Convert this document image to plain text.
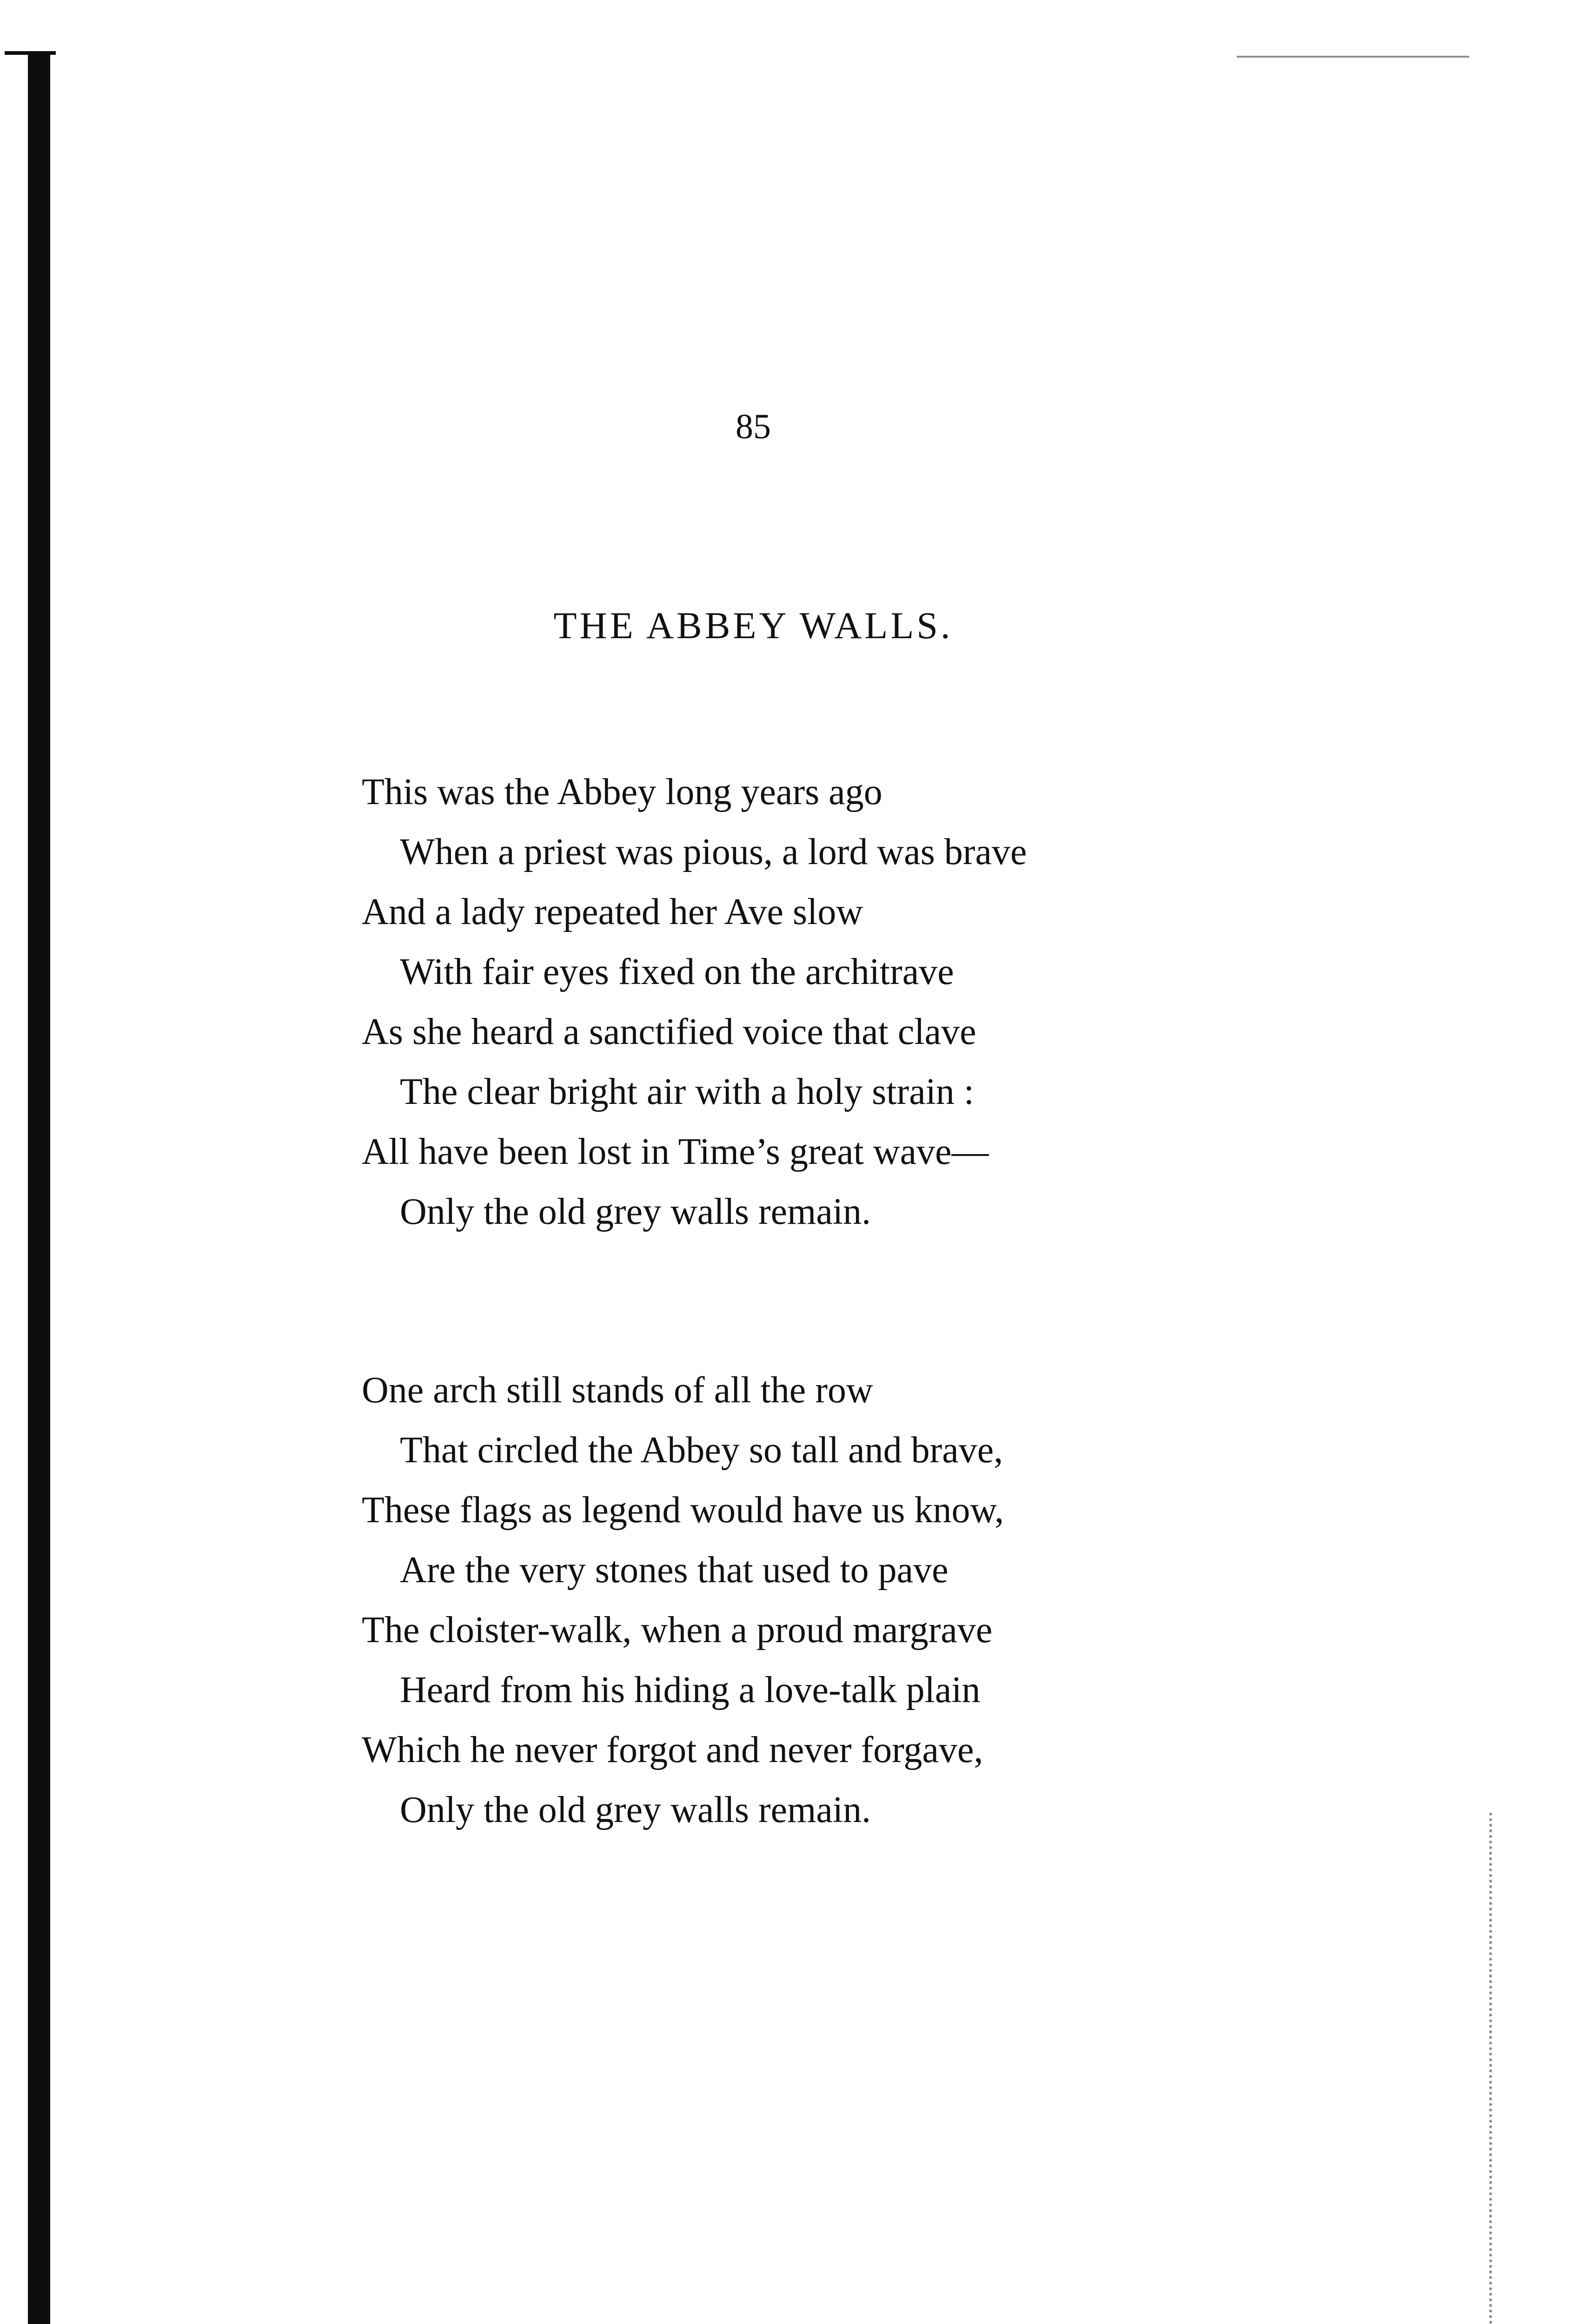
85
THE ABBEY WALLS.
This was the Abbey long years ago
When a priest was pious, a lord was brave
And a lady repeated her Ave slow
With fair eyes fixed on the architrave
As she heard a sanctified voice that clave
The clear bright air with a holy strain :
All have been lost in Time’s great wave—
Only the old grey walls remain.
One arch still stands of all the row
That circled the Abbey so tall and brave,
These flags as legend would have us know,
Are the very stones that used to pave
The cloister-walk, when a proud margrave
Heard from his hiding a love-talk plain
Which he never forgot and never forgave,
Only the old grey walls remain.
